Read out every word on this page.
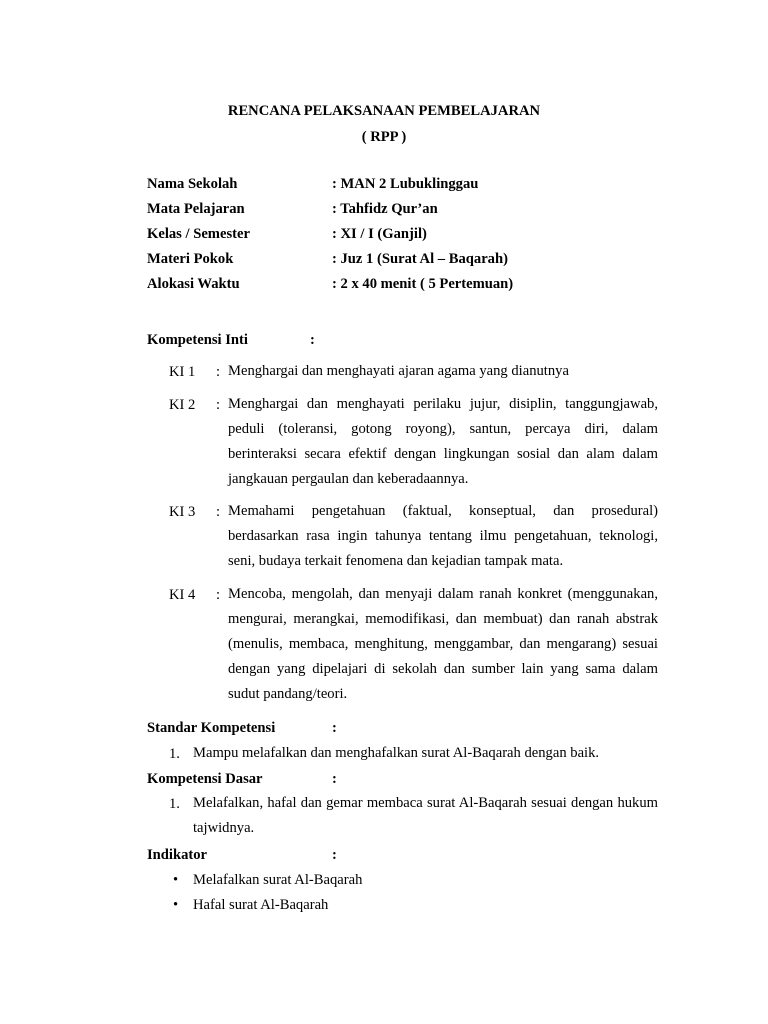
RENCANA PELAKSANAAN PEMBELAJARAN
( RPP )
Nama Sekolah	: MAN 2 Lubuklinggau
Mata Pelajaran	: Tahfidz Qur’an
Kelas / Semester	: XI / I (Ganjil)
Materi Pokok	: Juz 1 (Surat Al – Baqarah)
Alokasi Waktu	: 2 x 40 menit ( 5 Pertemuan)
Kompetensi Inti	:
KI 1 : Menghargai dan menghayati ajaran agama yang dianutnya
KI 2 : Menghargai dan menghayati perilaku jujur, disiplin, tanggungjawab, peduli (toleransi, gotong royong), santun, percaya diri, dalam berinteraksi secara efektif dengan lingkungan sosial dan alam dalam jangkauan pergaulan dan keberadaannya.
KI 3 : Memahami pengetahuan (faktual, konseptual, dan prosedural) berdasarkan rasa ingin tahunya tentang ilmu pengetahuan, teknologi, seni, budaya terkait fenomena dan kejadian tampak mata.
KI 4 : Mencoba, mengolah, dan menyaji dalam ranah konkret (menggunakan, mengurai, merangkai, memodifikasi, dan membuat) dan ranah abstrak (menulis, membaca, menghitung, menggambar, dan mengarang) sesuai dengan yang dipelajari di sekolah dan sumber lain yang sama dalam sudut pandang/teori.
Standar Kompetensi	:
1. Mampu melafalkan dan menghafalkan surat Al-Baqarah dengan baik.
Kompetensi Dasar	:
1. Melafalkan, hafal dan gemar membaca surat Al-Baqarah sesuai dengan hukum tajwidnya.
Indikator	:
• Melafalkan surat Al-Baqarah
• Hafal surat Al-Baqarah
